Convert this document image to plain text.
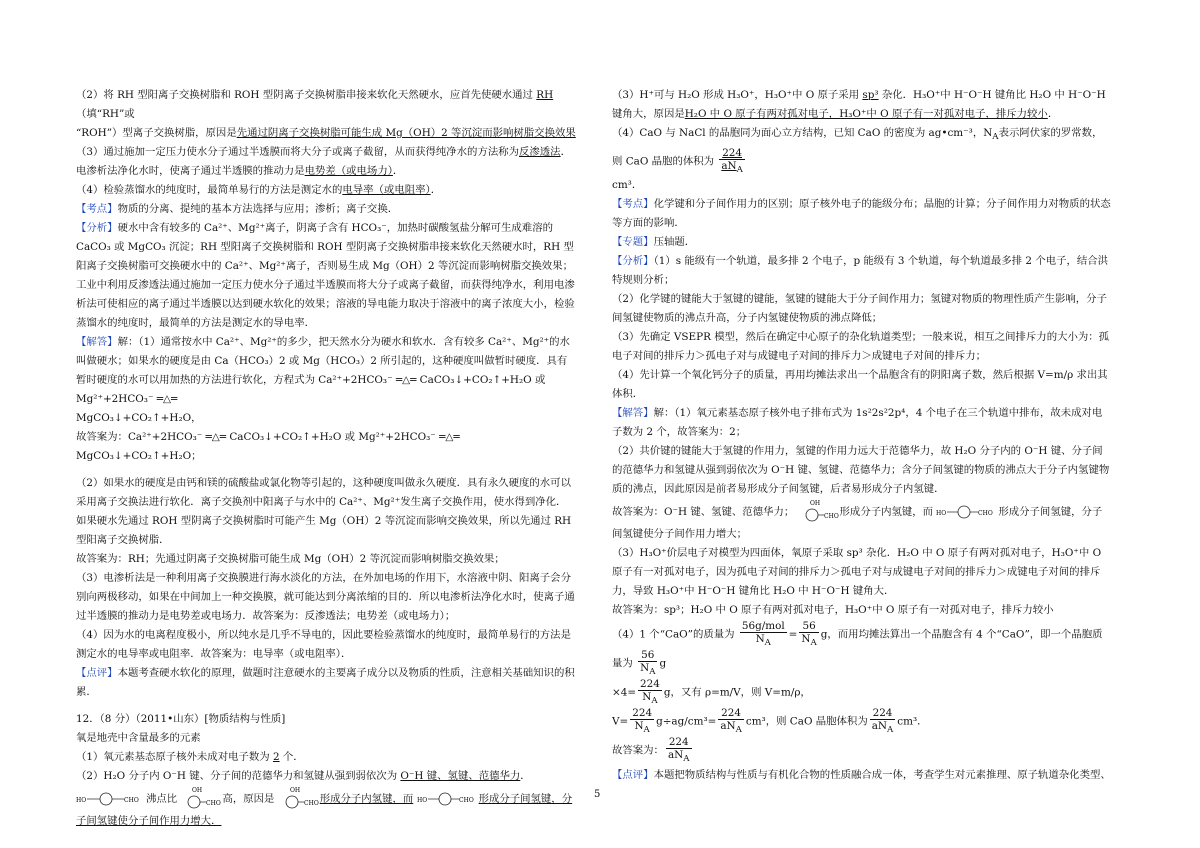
（2）将 RH 型阳离子交换树脂和 ROH 型阴离子交换树脂串接来软化天然硬水，应首先使硬水通过 RH （填“RH”或

“ROH”）型离子交换树脂，原因是先通过阴离子交换树脂可能生成 Mg（OH）2 等沉淀而影响树脂交换效果

（3）通过施加一定压力使水分子通过半透膜而将大分子或离子截留，从而获得纯净水的方法称为反渗透法．电渗析法净化水时，使离子通过半透膜的推动力是电势差（或电场力）．

（4）检验蒸馏水的纯度时，最简单易行的方法是测定水的电导率（或电阻率）．

【考点】物质的分离、提纯的基本方法选择与应用；渗析；离子交换．

【分析】硬水中含有较多的 Ca²⁺、Mg²⁺离子，阴离子含有 HCO₃⁻，加热时碳酸氢盐分解可生成难溶的 CaCO₃ 或 MgCO₃ 沉淀；RH 型阳离子交换树脂和 ROH 型阴离子交换树脂串接来软化天然硬水时，RH 型阳离子交换树脂可交换硬水中的 Ca²⁺、Mg²⁺离子，否则易生成 Mg（OH）2 等沉淀而影响树脂交换效果；工业中利用反渗透法通过施加一定压力使水分子通过半透膜而将大分子或离子截留，而获得纯净水，利用电渗析法可使相应的离子通过半透膜以达到硬水软化的效果；溶液的导电能力取决于溶液中的离子浓度大小，检验蒸馏水的纯度时，最简单的方法是测定水的导电率．

【解答】解：（1）通常按水中 Ca²⁺、Mg²⁺的多少，把天然水分为硬水和软水．含有较多 Ca²⁺、Mg²⁺的水叫做硬水；如果水的硬度是由 Ca（HCO₃）2 或 Mg（HCO₃）2 所引起的，这种硬度叫做暂时硬度．具有暂时硬度的水可以用加热的方法进行软化，方程式为 Ca²⁺+2HCO₃⁻ ═△═ CaCO₃↓+CO₂↑+H₂O 或 Mg²⁺+2HCO₃⁻ ═△═

MgCO₃↓+CO₂↑+H₂O，

故答案为：Ca²⁺+2HCO₃⁻ ═△═ CaCO₃↓+CO₂↑+H₂O 或 Mg²⁺+2HCO₃⁻ ═△═ MgCO₃↓+CO₂↑+H₂O；

（2）如果水的硬度是由钙和镁的硫酸盐或氯化物等引起的，这种硬度叫做永久硬度．具有永久硬度的水可以采用离子交换法进行软化．离子交换剂中阳离子与水中的 Ca²⁺、Mg²⁺发生离子交换作用，使水得到净化．如果硬水先通过 ROH 型阴离子交换树脂时可能产生 Mg（OH）2 等沉淀而影响交换效果，所以先通过 RH 型阳离子交换树脂．

故答案为：RH；先通过阴离子交换树脂可能生成 Mg（OH）2 等沉淀而影响树脂交换效果；

（3）电渗析法是一种利用离子交换膜进行海水淡化的方法，在外加电场的作用下，水溶液中阴、阳离子会分别向两极移动，如果在中间加上一种交换膜，就可能达到分离浓缩的目的．所以电渗析法净化水时，使离子通过半透膜的推动力是电势差或电场力．故答案为：反渗透法；电势差（或电场力）；

（4）因为水的电离程度极小，所以纯水是几乎不导电的，因此要检验蒸馏水的纯度时，最简单易行的方法是测定水的电导率或电阻率．故答案为：电导率（或电阻率）．

【点评】本题考查硬水软化的原理，做题时注意硬水的主要离子成分以及物质的性质，注意相关基础知识的积累．

12．（8 分）（2011•山东）[物质结构与性质]

氧是地壳中含量最多的元素

（1）氧元素基态原子核外未成对电子数为 2 个．

（2）H₂O 分子内 O⁻H 键、分子间的范德华力和氢键从强到弱依次为 O⁻H 键、氢键、范德华力．

HO	CHO 沸点比
OH
CHO 高，原因是
OH
CHO 形成分子内氢键，而 HO	CHO 形成分子间氢键，分子间氢键使分子间作用力增大．

（3）H⁺可与 H₂O 形成 H₃O⁺，H₃O⁺中 O 原子采用 sp³ 杂化．H₃O⁺中 H⁻O⁻H 键角比 H₂O 中 H⁻O⁻H 键角大，原因是H₂O 中 O 原子有两对孤对电子，H₃O⁺中 O 原子有一对孤对电子，排斥力较小．

（4）CaO 与 NaCl 的晶胞同为面心立方结构，已知 CaO 的密度为 ag•cm⁻³，$N_A$表示阿伏家的罗常数，则 CaO 晶胞的体积为 $\frac{224}{aN_A}$

cm³．

【考点】化学键和分子间作用力的区别；原子核外电子的能级分布；晶胞的计算；分子间作用力对物质的状态等方面的影响．

【专题】压轴题．

【分析】（1）s 能级有一个轨道，最多排 2 个电子，p 能级有 3 个轨道，每个轨道最多排 2 个电子，结合洪特规则分析；

（2）化学键的键能大于氢键的键能，氢键的键能大于分子间作用力；氢键对物质的物理性质产生影响，分子间氢键使物质的沸点升高，分子内氢键使物质的沸点降低；

（3）先确定 VSEPR 模型，然后在确定中心原子的杂化轨道类型；一般来说，相互之间排斥力的大小为：孤电子对间的排斥力＞孤电子对与成键电子对间的排斥力＞成键电子对间的排斥力；

（4）先计算一个氧化钙分子的质量，再用均摊法求出一个晶胞含有的阴阳离子数，然后根据 V=m/ρ 求出其体积．

【解答】解：（1）氧元素基态原子核外电子排布式为 1s²2s²2p⁴，4 个电子在三个轨道中排布，故未成对电子数为 2 个，故答案为：2；

（2）共价键的键能大于氢键的作用力，氢键的作用力远大于范德华力，故 H₂O 分子内的 O⁻H 键、分子间的范德华力和氢键从强到弱依次为 O⁻H 键、氢键、范德华力；含分子间氢键的物质的沸点大于分子内氢键物质的沸点，因此原因是前者易形成分子间氢键，后者易形成分子内氢键．

故答案为：O⁻H 键、氢键、范德华力；
OH
CHO 形成分子内氢键，而 HO	CHO 形成分子间氢键，分子间氢键使分子间作用力增大；

（3）H₃O⁺价层电子对模型为四面体，氧原子采取 sp³ 杂化．H₂O 中 O 原子有两对孤对电子，H₃O⁺中 O 原子有一对孤对电子，因为孤电子对间的排斥力＞孤电子对与成键电子对间的排斥力＞成键电子对间的排斥力，导致 H₃O⁺中 H⁻O⁻H 键角比 H₂O 中 H⁻O⁻H 键角大．

故答案为：sp³；H₂O 中 O 原子有两对孤对电子，H₃O⁺中 O 原子有一对孤对电子，排斥力较小

（4）1 个“CaO”的质量为 $\frac{\text{56g/mol}}{N_A} = \frac{56}{N_A}$ g，而用均摊法算出一个晶胞含有 4 个“CaO”，即一个晶胞质量为 $\frac{56}{N_A}$ g

$\times 4= \frac{224}{N_A}$ g，又有 ρ=m/V，则 V=m/ρ，

$V= \frac{224}{N_A} g\div ag/cm^3= \frac{224}{aN_A} cm^3$，则 CaO 晶胞体积为 $\frac{224}{aN_A} cm^3$．

故答案为： $\frac{224}{aN_A}$

【点评】本题把物质结构与性质与有机化合物的性质融合成一体，考查学生对元素推理、原子轨道杂化类型、

5
